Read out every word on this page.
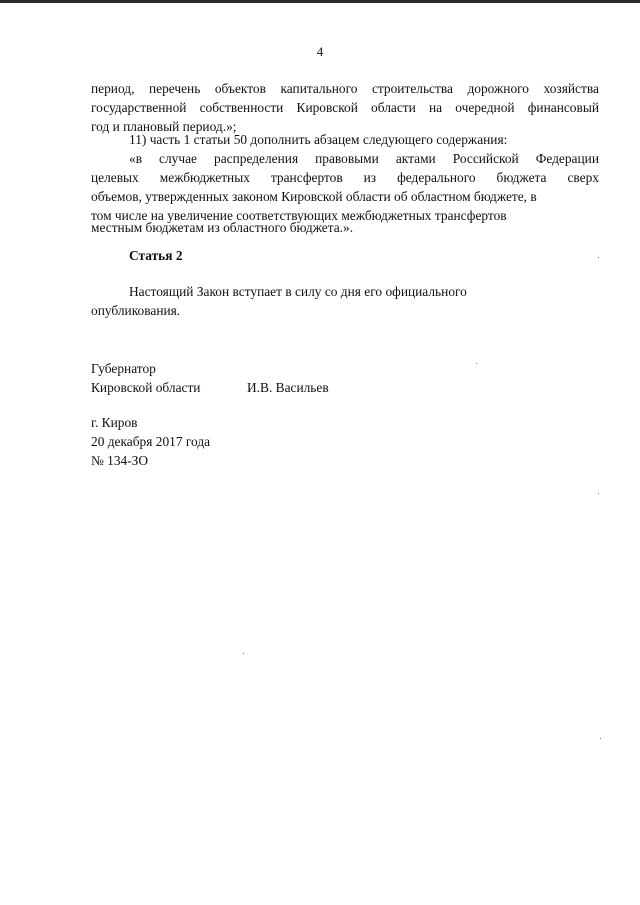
4
период, перечень объектов капитального строительства дорожного хозяйства
государственной собственности Кировской области на очередной финансовый
год и плановый период.»;
11) часть 1 статьи 50 дополнить абзацем следующего содержания:
«в случае распределения правовыми актами Российской Федерации
целевых межбюджетных трансфертов из федерального бюджета сверх
объемов, утвержденных законом Кировской области об областном бюджете, в
том числе на увеличение соответствующих межбюджетных трансфертов
местным бюджетам из областного бюджета.».
Статья 2
Настоящий Закон вступает в силу со дня его официального
опубликования.
Губернатор
Кировской области	И.В. Васильев
г. Киров
20 декабря 2017 года
№ 134-ЗО
